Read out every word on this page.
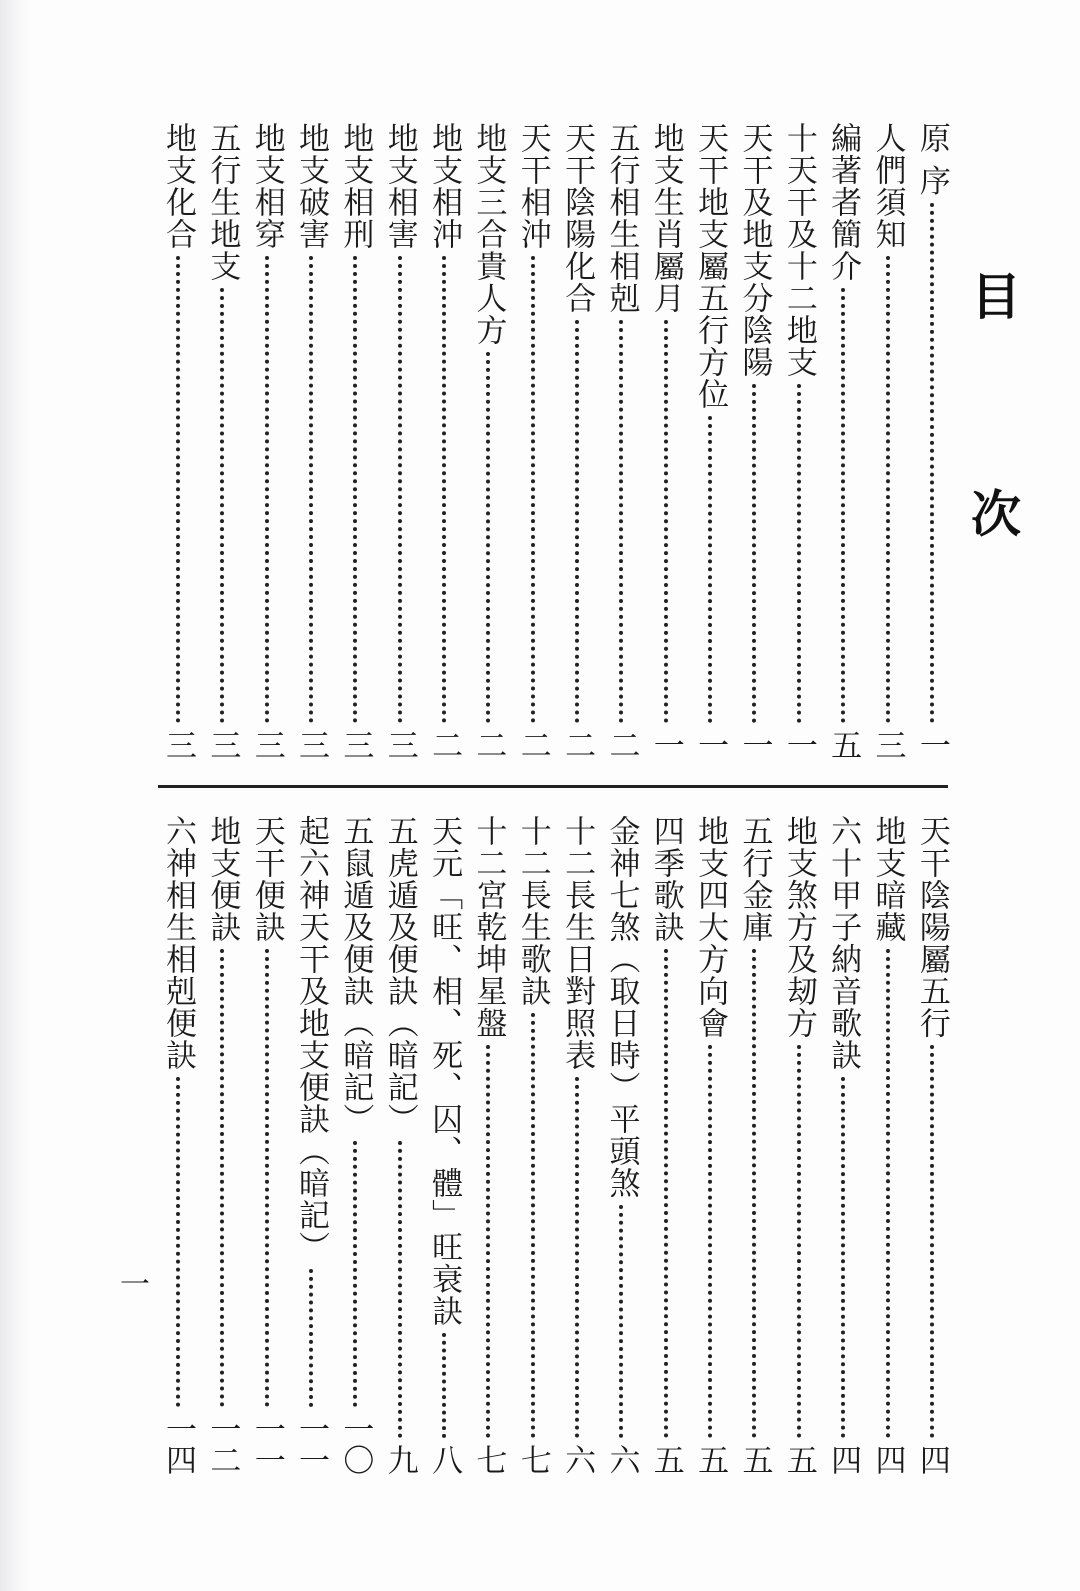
目 次
原 序
一
人們須知
三
編著者簡介
五
十天干及十二地支
一
天干及地支分陰陽
一
天干地支屬五行方位
一
地支生肖屬月
一
五行相生相剋
二
天干陰陽化合
二
天干相沖
二
地支三合貴人方
二
地支相沖
二
地支相害
三
地支相刑
三
地支破害
三
地支相穿
三
五行生地支
三
地支化合
三
天干陰陽屬五行
四
地支暗藏
四
六十甲子納音歌訣
四
地支煞方及刼方
五
五行金庫
五
地支四大方向會
五
四季歌訣
五
金神七煞（取日時）平頭煞
六
十二長生日對照表
六
十二長生歌訣
七
十二宮乾坤星盤
七
天元「旺、相、死、囚、體」旺衰訣
八
五虎遁及便訣（暗記）
九
五鼠遁及便訣（暗記）
一〇
起六神天干及地支便訣（暗記）
一一
天干便訣
一一
地支便訣
一二
六神相生相剋便訣
一四
一
